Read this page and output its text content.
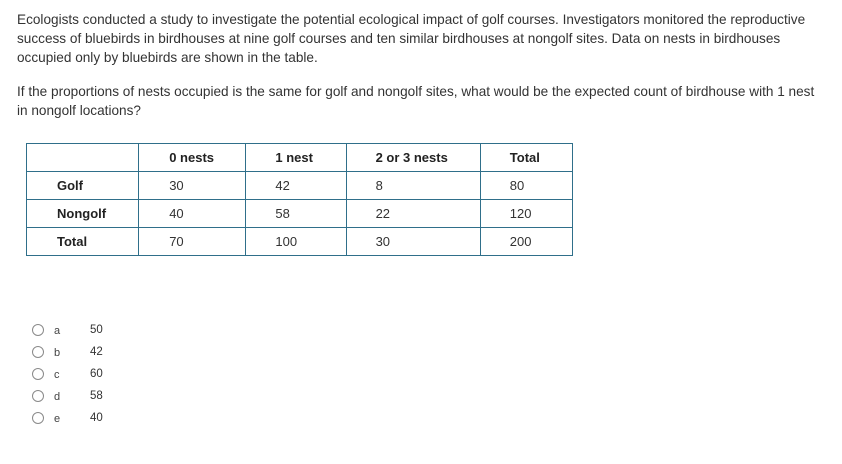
Ecologists conducted a study to investigate the potential ecological impact of golf courses. Investigators monitored the reproductive success of bluebirds in birdhouses at nine golf courses and ten similar birdhouses at nongolf sites. Data on nests in birdhouses occupied only by bluebirds are shown in the table.

If the proportions of nests occupied is the same for golf and nongolf sites, what would be the expected count of birdhouse with 1 nest in nongolf locations?

	0 nests	1 nest	2 or 3 nests	Total
Golf	30	42	8	80
Nongolf	40	58	22	120
Total	70	100	30	200
a	50
b	42
c	60
d	58
e	40
